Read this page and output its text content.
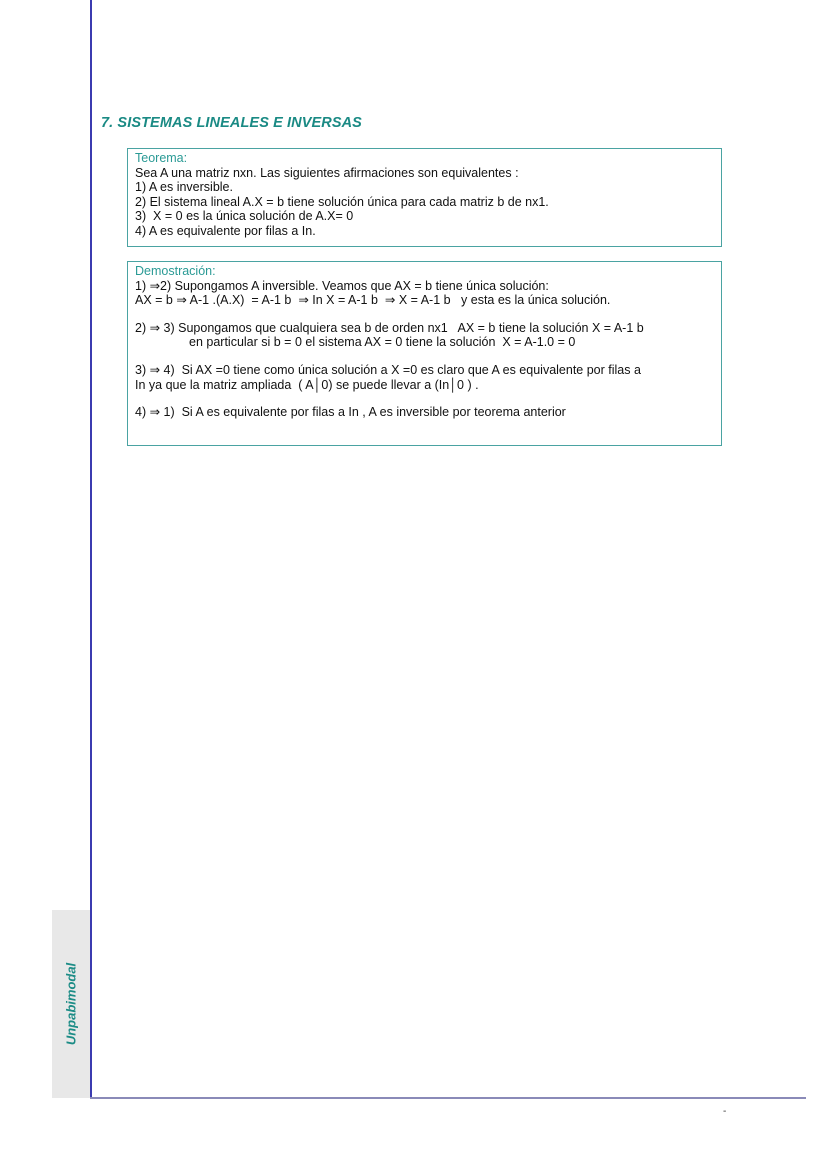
Unpabimodal
7. SISTEMAS LINEALES E INVERSAS
Teorema:
Sea A una matriz nxn. Las siguientes afirmaciones son equivalentes :
1) A es inversible.
2) El sistema lineal A.X = b tiene solución única para cada matriz b de nx1.
3)  X = 0 es la única solución de A.X= 0
4) A es equivalente por filas a In.
Demostración:
1) ⇒2) Supongamos A inversible. Veamos que AX = b tiene única solución:
AX = b ⇒ A-1 .(A.X)  = A-1 b  ⇒ In X = A-1 b  ⇒ X = A-1 b   y esta es la única solución.
2) ⇒ 3) Supongamos que cualquiera sea b de orden nx1   AX = b tiene la solución X = A-1 b
en particular si b = 0 el sistema AX = 0 tiene la solución  X = A-1.0 = 0
3) ⇒ 4)  Si AX =0 tiene como única solución a X =0 es claro que A es equivalente por filas a
In ya que la matriz ampliada  ( A│0) se puede llevar a (In│0 ) .
4) ⇒ 1)  Si A es equivalente por filas a In , A es inversible por teorema anterior
-
